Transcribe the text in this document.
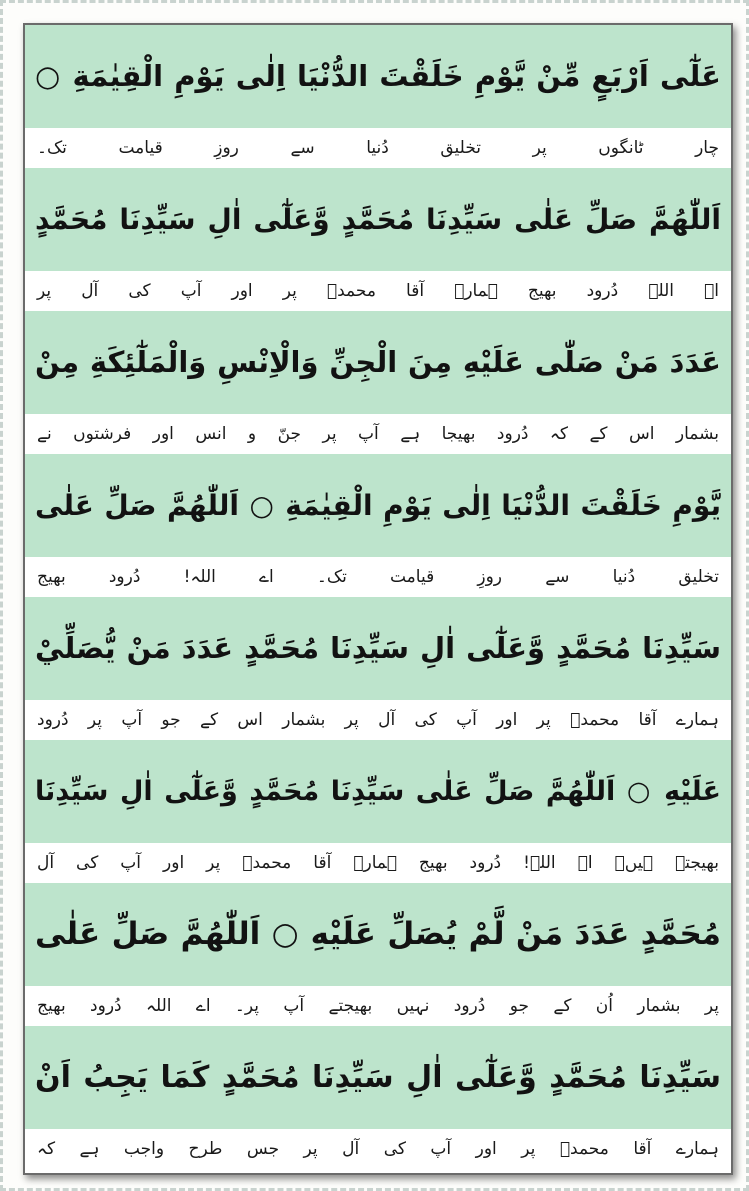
عَلٰٓى اَرْبَعٍ مِّنْ يَّوْمِ خَلَقْتَ الدُّنْيَا اِلٰى يَوْمِ الْقِيٰمَةِ ○
چار ٹانگوں پر تخلیق دُنیا سے روزِ قیامت تک۔
اَللّٰهُمَّ صَلِّ عَلٰى سَيِّدِنَا مُحَمَّدٍ وَّعَلٰٓى اٰلِ سَيِّدِنَا مُحَمَّدٍ
اے اللہ دُرود بھیج ہمارے آقا محمدؐ پر اور آپ کی آل پر
عَدَدَ مَنْ صَلّٰى عَلَيْهِ مِنَ الْجِنِّ وَالْاِنْسِ وَالْمَلٰٓئِكَةِ مِنْ
بشمار اس کے کہ دُرود بھیجا ہے آپ پر جنّ و انس اور فرشتوں نے
يَّوْمِ خَلَقْتَ الدُّنْيَا اِلٰى يَوْمِ الْقِيٰمَةِ ○ اَللّٰهُمَّ صَلِّ عَلٰى
تخلیق دُنیا سے روزِ قیامت تک۔ اے اللہ! دُرود بھیج
سَيِّدِنَا مُحَمَّدٍ وَّعَلٰٓى اٰلِ سَيِّدِنَا مُحَمَّدٍ عَدَدَ مَنْ يُّصَلِّيْ
ہمارے آقا محمدؐ پر اور آپ کی آل پر بشمار اس کے جو آپ پر دُرود
عَلَيْهِ ○ اَللّٰهُمَّ صَلِّ عَلٰى سَيِّدِنَا مُحَمَّدٍ وَّعَلٰٓى اٰلِ سَيِّدِنَا
بھیجتے ہیں۔ اے اللہ! دُرود بھیج ہمارے آقا محمدؐ پر اور آپ کی آل
مُحَمَّدٍ عَدَدَ مَنْ لَّمْ يُصَلِّ عَلَيْهِ ○ اَللّٰهُمَّ صَلِّ عَلٰى
پر بشمار اُن کے جو دُرود نہیں بھیجتے آپ پر۔ اے اللہ دُرود بھیج
سَيِّدِنَا مُحَمَّدٍ وَّعَلٰٓى اٰلِ سَيِّدِنَا مُحَمَّدٍ كَمَا يَجِبُ اَنْ
ہمارے آقا محمدؐ پر اور آپ کی آل پر جس طرح واجب ہے کہ
